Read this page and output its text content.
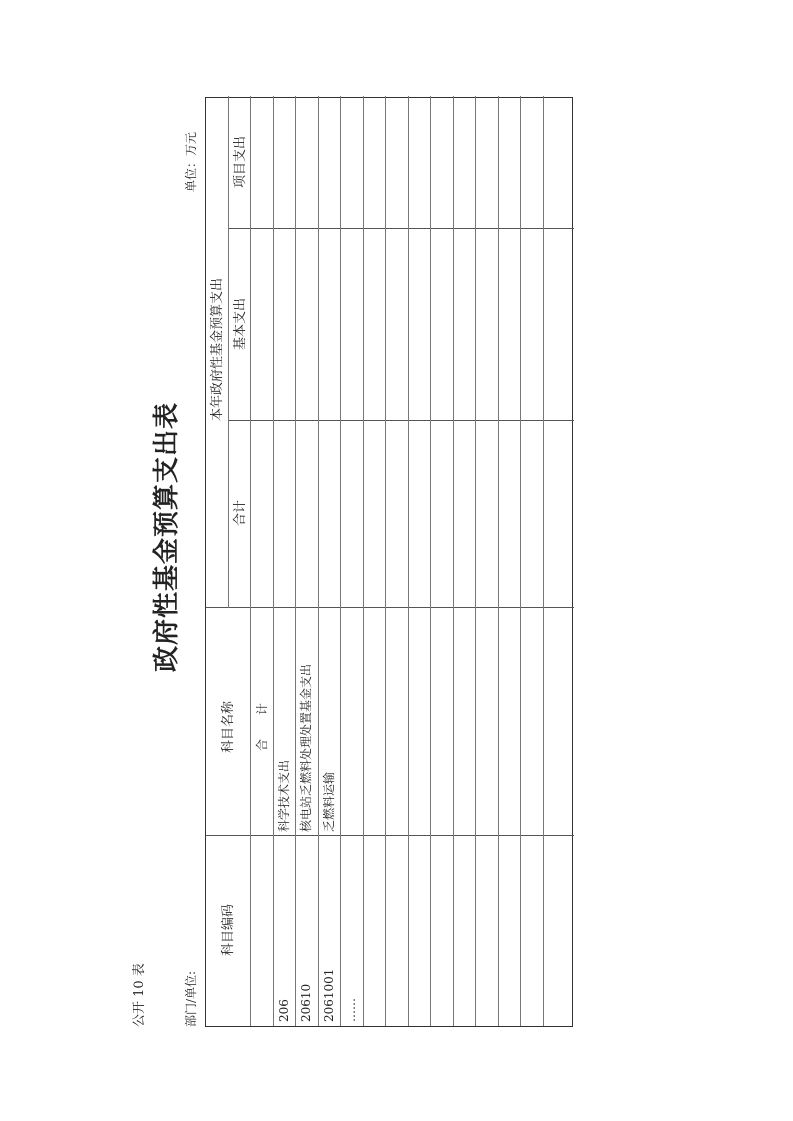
公开 10 表
政府性基金预算支出表
部门/单位:
单位：万元
科目编码
科目名称
本年政府性基金预算支出
合计
基本支出
项目支出
合　　计
206
科学技术支出
20610
核电站乏燃料处理处置基金支出
2061001
乏燃料运输
……
